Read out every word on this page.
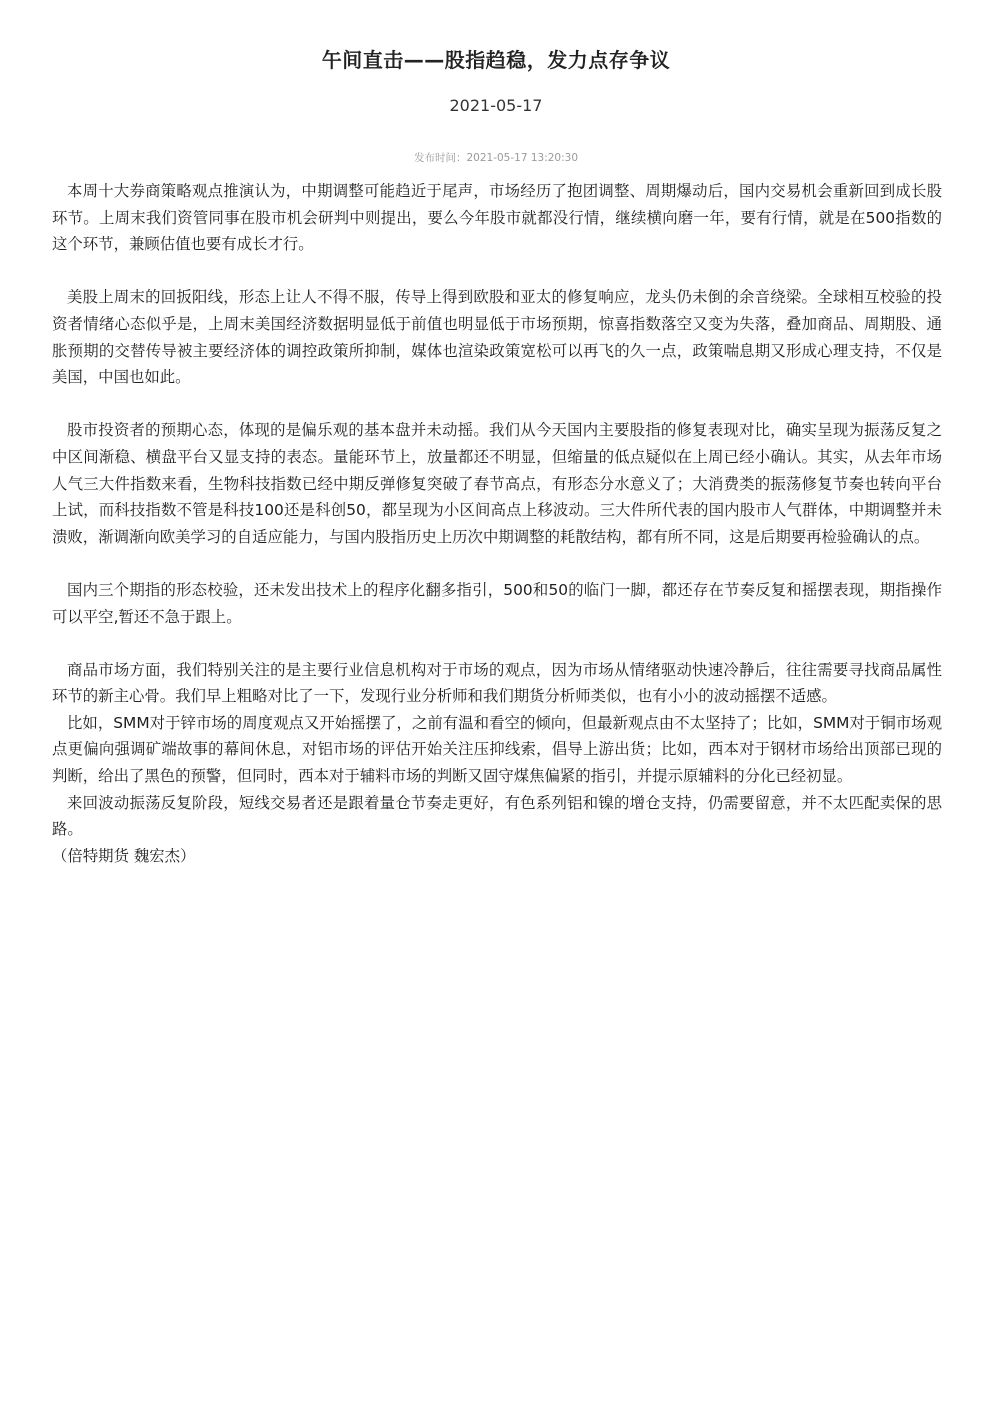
午间直击——股指趋稳，发力点存争议
2021-05-17
发布时间：2021-05-17 13:20:30

本周十大券商策略观点推演认为，中期调整可能趋近于尾声，市场经历了抱团调整、周期爆动后，国内交易机会重新回到成长股环节。上周末我们资管同事在股市机会研判中则提出，要么今年股市就都没行情，继续横向磨一年，要有行情，就是在500指数的这个环节，兼顾估值也要有成长才行。

美股上周末的回扳阳线，形态上让人不得不服，传导上得到欧股和亚太的修复响应，龙头仍未倒的余音绕梁。全球相互校验的投资者情绪心态似乎是，上周末美国经济数据明显低于前值也明显低于市场预期，惊喜指数落空又变为失落，叠加商品、周期股、通胀预期的交替传导被主要经济体的调控政策所抑制，媒体也渲染政策宽松可以再飞的久一点，政策喘息期又形成心理支持，不仅是美国，中国也如此。

股市投资者的预期心态，体现的是偏乐观的基本盘并未动摇。我们从今天国内主要股指的修复表现对比，确实呈现为振荡反复之中区间渐稳、横盘平台又显支持的表态。量能环节上，放量都还不明显，但缩量的低点疑似在上周已经小确认。其实，从去年市场人气三大件指数来看，生物科技指数已经中期反弹修复突破了春节高点，有形态分水意义了；大消费类的振荡修复节奏也转向平台上试，而科技指数不管是科技100还是科创50，都呈现为小区间高点上移波动。三大件所代表的国内股市人气群体，中期调整并未溃败，渐调渐向欧美学习的自适应能力，与国内股指历史上历次中期调整的耗散结构，都有所不同，这是后期要再检验确认的点。

国内三个期指的形态校验，还未发出技术上的程序化翻多指引，500和50的临门一脚，都还存在节奏反复和摇摆表现，期指操作可以平空,暂还不急于跟上。

商品市场方面，我们特别关注的是主要行业信息机构对于市场的观点，因为市场从情绪驱动快速冷静后，往往需要寻找商品属性环节的新主心骨。我们早上粗略对比了一下，发现行业分析师和我们期货分析师类似，也有小小的波动摇摆不适感。

比如，SMM对于锌市场的周度观点又开始摇摆了，之前有温和看空的倾向，但最新观点由不太坚持了；比如，SMM对于铜市场观点更偏向强调矿端故事的幕间休息，对铝市场的评估开始关注压抑线索，倡导上游出货；比如，西本对于钢材市场给出顶部已现的判断，给出了黑色的预警，但同时，西本对于辅料市场的判断又固守煤焦偏紧的指引，并提示原辅料的分化已经初显。

来回波动振荡反复阶段，短线交易者还是跟着量仓节奏走更好，有色系列铝和镍的增仓支持，仍需要留意，并不太匹配卖保的思路。

（倍特期货 魏宏杰）
